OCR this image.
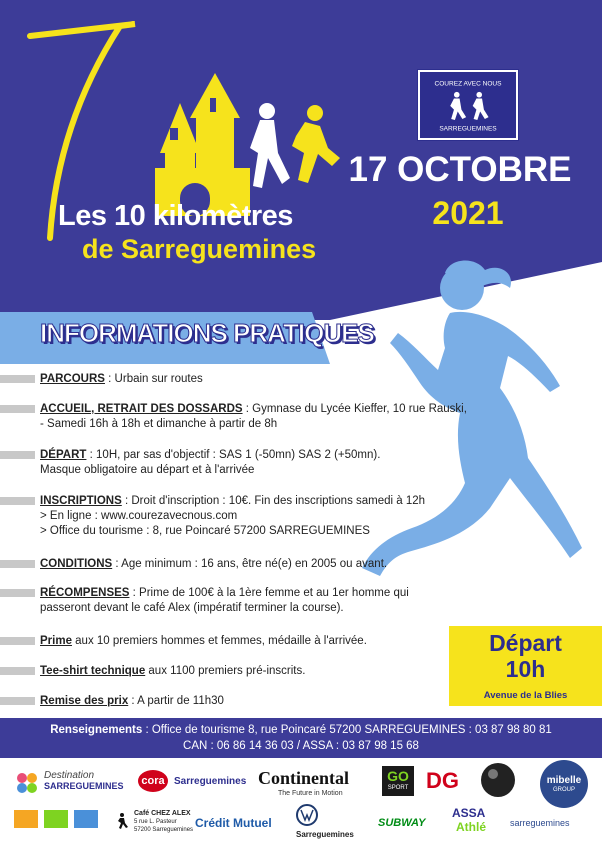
Les 10 kilomètres
de Sarreguemines
COUREZ AVEC NOUS
SARREGUEMINES
17 OCTOBRE
2021
INFORMATIONS PRATIQUES
PARCOURS : Urbain sur routes
ACCUEIL, RETRAIT DES DOSSARDS : Gymnase du Lycée Kieffer, 10 rue Rauski,
- Samedi 16h à 18h et dimanche à partir de 8h
DÉPART : 10H, par sas d'objectif : SAS 1 (-50mn) SAS 2 (+50mn).
Masque obligatoire au départ et à l'arrivée
INSCRIPTIONS : Droit d'inscription : 10€. Fin des inscriptions samedi à 12h
> En ligne : www.courezavecnous.com
> Office du tourisme : 8, rue Poincaré 57200 SARREGUEMINES
CONDITIONS : Age minimum : 16 ans, être né(e) en 2005 ou avant.
RÉCOMPENSES : Prime de 100€ à la 1ère femme et au 1er homme qui
passeront devant le café Alex (impératif terminer la course).
Prime aux 10 premiers hommes et femmes, médaille à l'arrivée.
Tee-shirt technique aux 1100 premiers pré-inscrits.
Remise des prix : A partir de 11h30
Départ
10h
Avenue de la Blies
Renseignements : Office de tourisme 8, rue Poincaré 57200 SARREGUEMINES : 03 87 98 80 81
CAN : 06 86 14 36 03 / ASSA : 03 87 98 15 68
Destination
SARREGUEMINES	cora Sarreguemines Continental
The Future in Motion
GO
SPORT DG	mibelle
GROUP
Café CHEZ ALEX
5 rue L. Pasteur
57200 Sarreguemines Crédit Mutuel
Sarreguemines
SUBWAY
ASSA
Athlé	sarreguemines
